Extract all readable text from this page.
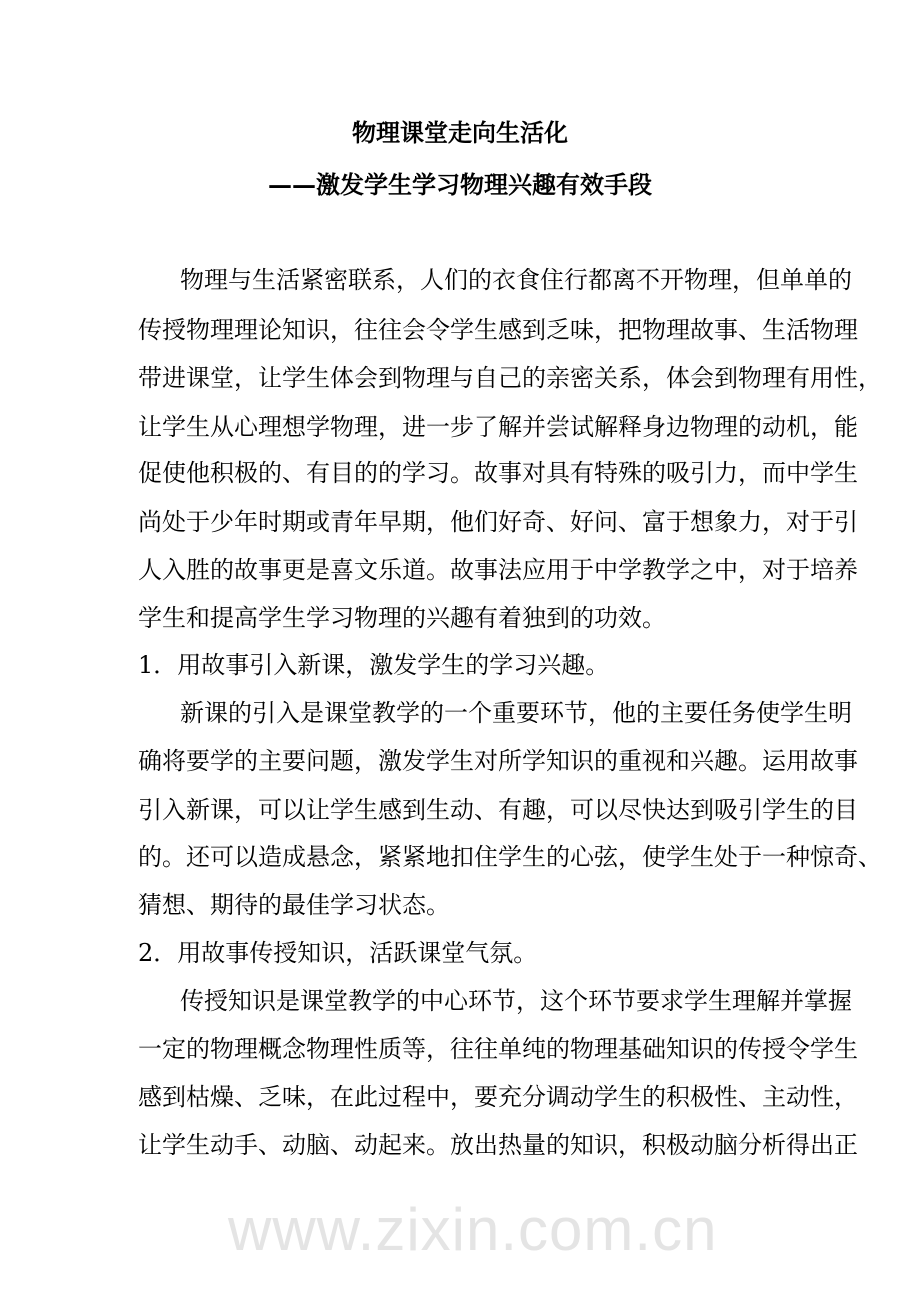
物理课堂走向生活化
——激发学生学习物理兴趣有效手段
物理与生活紧密联系，人们的衣食住行都离不开物理，但单单的
传授物理理论知识，往往会令学生感到乏味，把物理故事、生活物理
带进课堂，让学生体会到物理与自己的亲密关系，体会到物理有用性，
让学生从心理想学物理，进一步了解并尝试解释身边物理的动机，能
促使他积极的、有目的的学习。故事对具有特殊的吸引力，而中学生
尚处于少年时期或青年早期，他们好奇、好问、富于想象力，对于引
人入胜的故事更是喜文乐道。故事法应用于中学教学之中，对于培养
学生和提高学生学习物理的兴趣有着独到的功效。
1．用故事引入新课，激发学生的学习兴趣。
新课的引入是课堂教学的一个重要环节，他的主要任务使学生明
确将要学的主要问题，激发学生对所学知识的重视和兴趣。运用故事
引入新课，可以让学生感到生动、有趣，可以尽快达到吸引学生的目
的。还可以造成悬念，紧紧地扣住学生的心弦，使学生处于一种惊奇、
猜想、期待的最佳学习状态。
2．用故事传授知识，活跃课堂气氛。
传授知识是课堂教学的中心环节，这个环节要求学生理解并掌握
一定的物理概念物理性质等，往往单纯的物理基础知识的传授令学生
感到枯燥、乏味，在此过程中，要充分调动学生的积极性、主动性，
让学生动手、动脑、动起来。放出热量的知识，积极动脑分析得出正
www.zixin.com.cn
